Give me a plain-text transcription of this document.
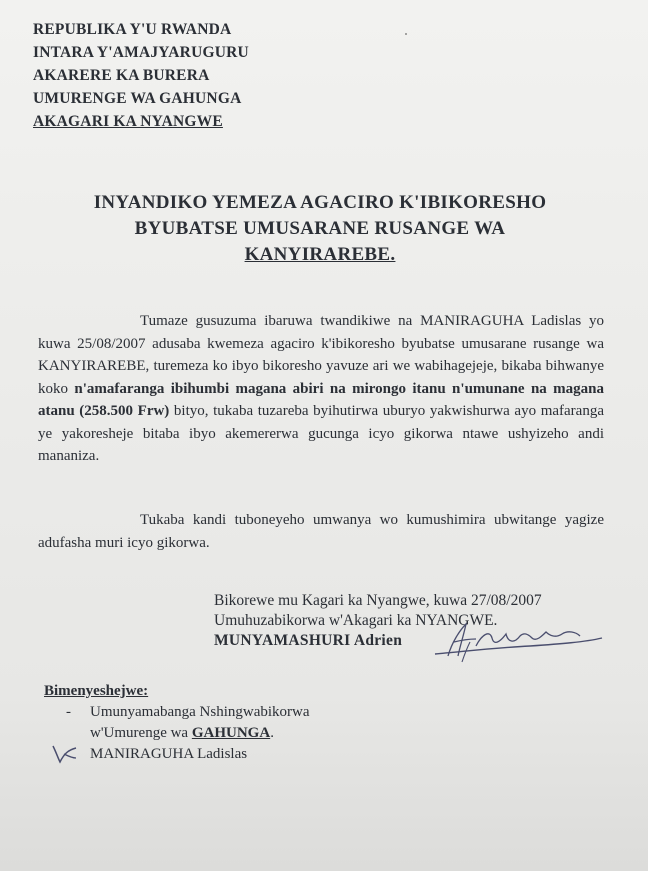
REPUBLIKA Y'U RWANDA
INTARA Y'AMAJYARUGURU
AKARERE KA BURERA
UMURENGE WA GAHUNGA
AKAGARI KA NYANGWE
INYANDIKO YEMEZA AGACIRO K'IBIKORESHO
BYUBATSE UMUSARANE RUSANGE WA
KANYIRAREBE.
Tumaze gusuzuma ibaruwa twandikiwe na MANIRAGUHA Ladislas yo kuwa 25/08/2007 adusaba kwemeza agaciro k'ibikoresho byubatse umusarane rusange wa KANYIRAREBE, turemeza ko ibyo bikoresho yavuze ari we wabihagejeje, bikaba bihwanye koko n'amafaranga ibihumbi magana abiri na mirongo itanu n'umunane na magana atanu (258.500 Frw) bityo, tukaba tuzareba byihutirwa uburyo yakwishurwa ayo mafaranga ye yakoresheje bitaba ibyo akemererwa gucunga icyo gikorwa ntawe ushyizeho andi mananiza.
Tukaba kandi tuboneyeho umwanya wo kumushimira ubwitange yagize adufasha muri icyo gikorwa.
Bikorewe mu Kagari ka Nyangwe, kuwa 27/08/2007
Umuhuzabikorwa w'Akagari ka NYANGWE.
MUNYAMASHURI Adrien
Bimenyeshejwe:
- Umunyamabanga Nshingwabikorwa
w'Umurenge wa GAHUNGA.
MANIRAGUHA Ladislas
